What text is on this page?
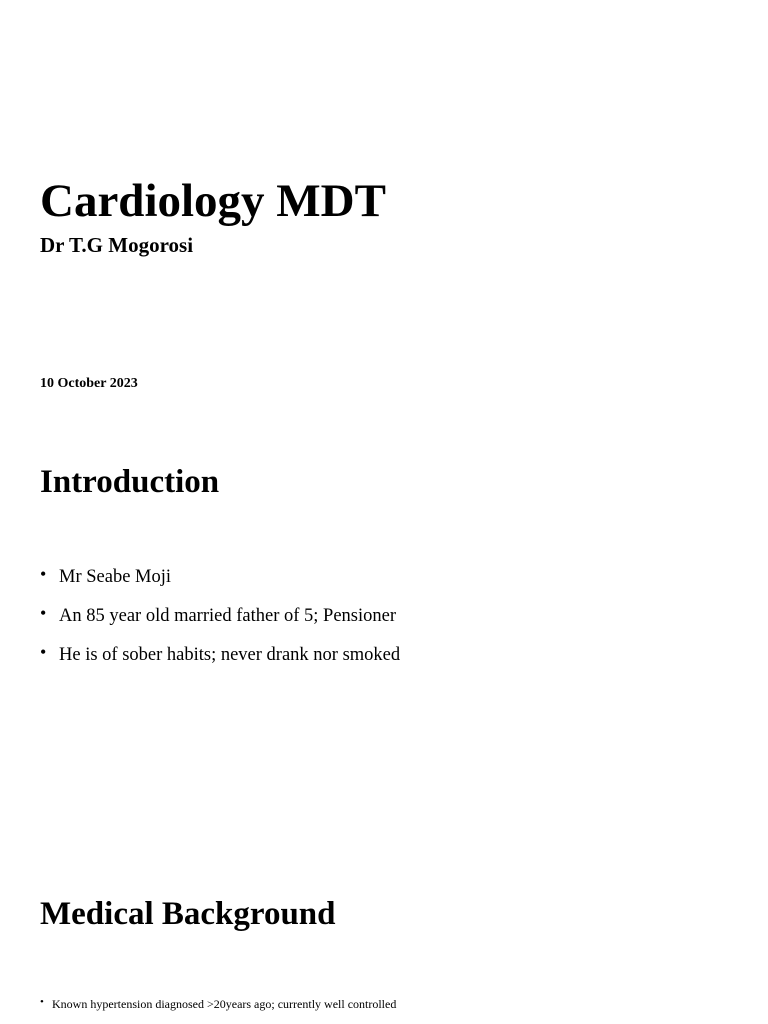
Cardiology MDT
Dr T.G Mogorosi

10 October 2023

Introduction
• Mr Seabe Moji
• An 85 year old married father of 5; Pensioner
• He is of sober habits; never drank nor smoked
Medical Background
• Known hypertension diagnosed >20years ago; currently well controlled
